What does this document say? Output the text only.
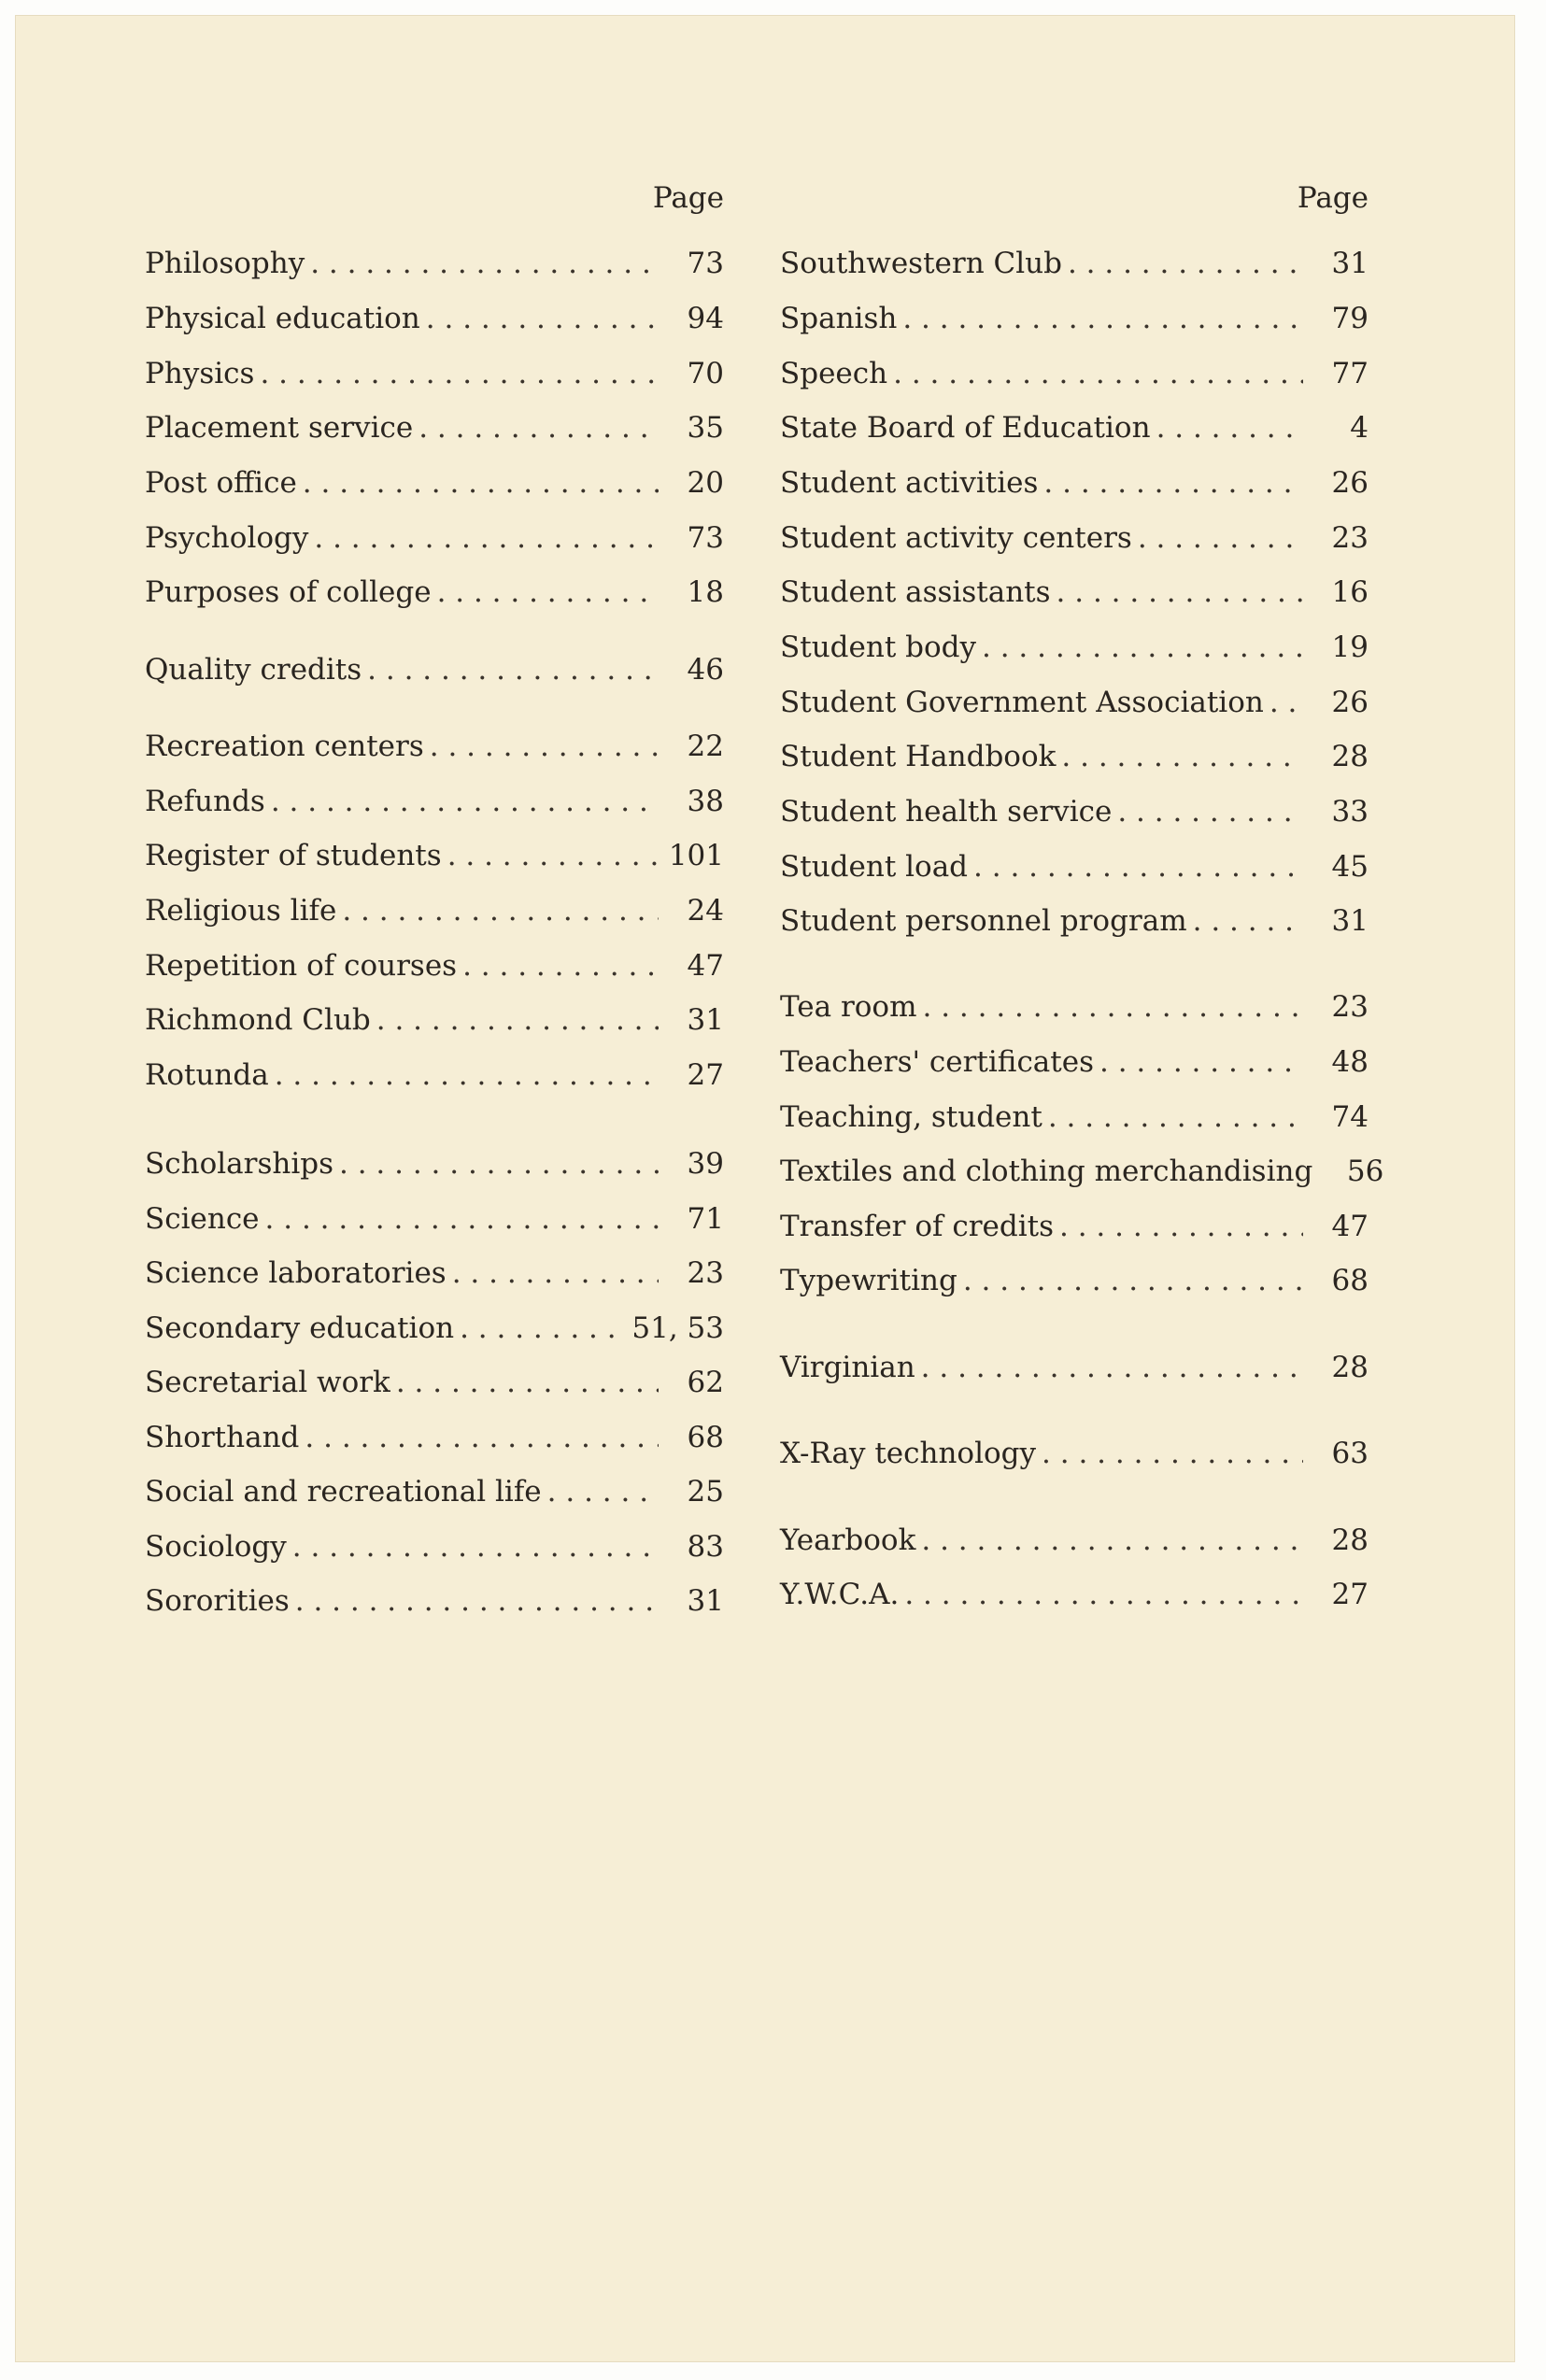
Page
Philosophy . . .	73
Physical education . . .	94
Physics . . .	70
Placement service . . .	35
Post office . . .	20
Psychology . . .	73
Purposes of college . . .	18
Quality credits . . .	46
Recreation centers . . .	22
Refunds . . .	38
Register of students . . .	101
Religious life . . .	24
Repetition of courses . . .	47
Richmond Club . . .	31
Rotunda . . .	27
Scholarships . . .	39
Science . . .	71
Science laboratories . . .	23
Secondary education . . .	51, 53
Secretarial work . . .	62
Shorthand . . .	68
Social and recreational life . . .	25
Sociology . . .	83
Sororities . . .	31
Page
Southwestern Club . . .	31
Spanish . . .	79
Speech . . .	77
State Board of Education . . .	4
Student activities . . .	26
Student activity centers . . .	23
Student assistants . . .	16
Student body . . .	19
Student Government Association . . .	26
Student Handbook . . .	28
Student health service . . .	33
Student load . . .	45
Student personnel program . . .	31
Tea room . . .	23
Teachers' certificates . . .	48
Teaching, student . . .	74
Textiles and clothing merchandising	56
Transfer of credits . . .	47
Typewriting . . .	68
Virginian . . .	28
X-Ray technology . . .	63
Yearbook . . .	28
Y.W.C.A. . . .	27
